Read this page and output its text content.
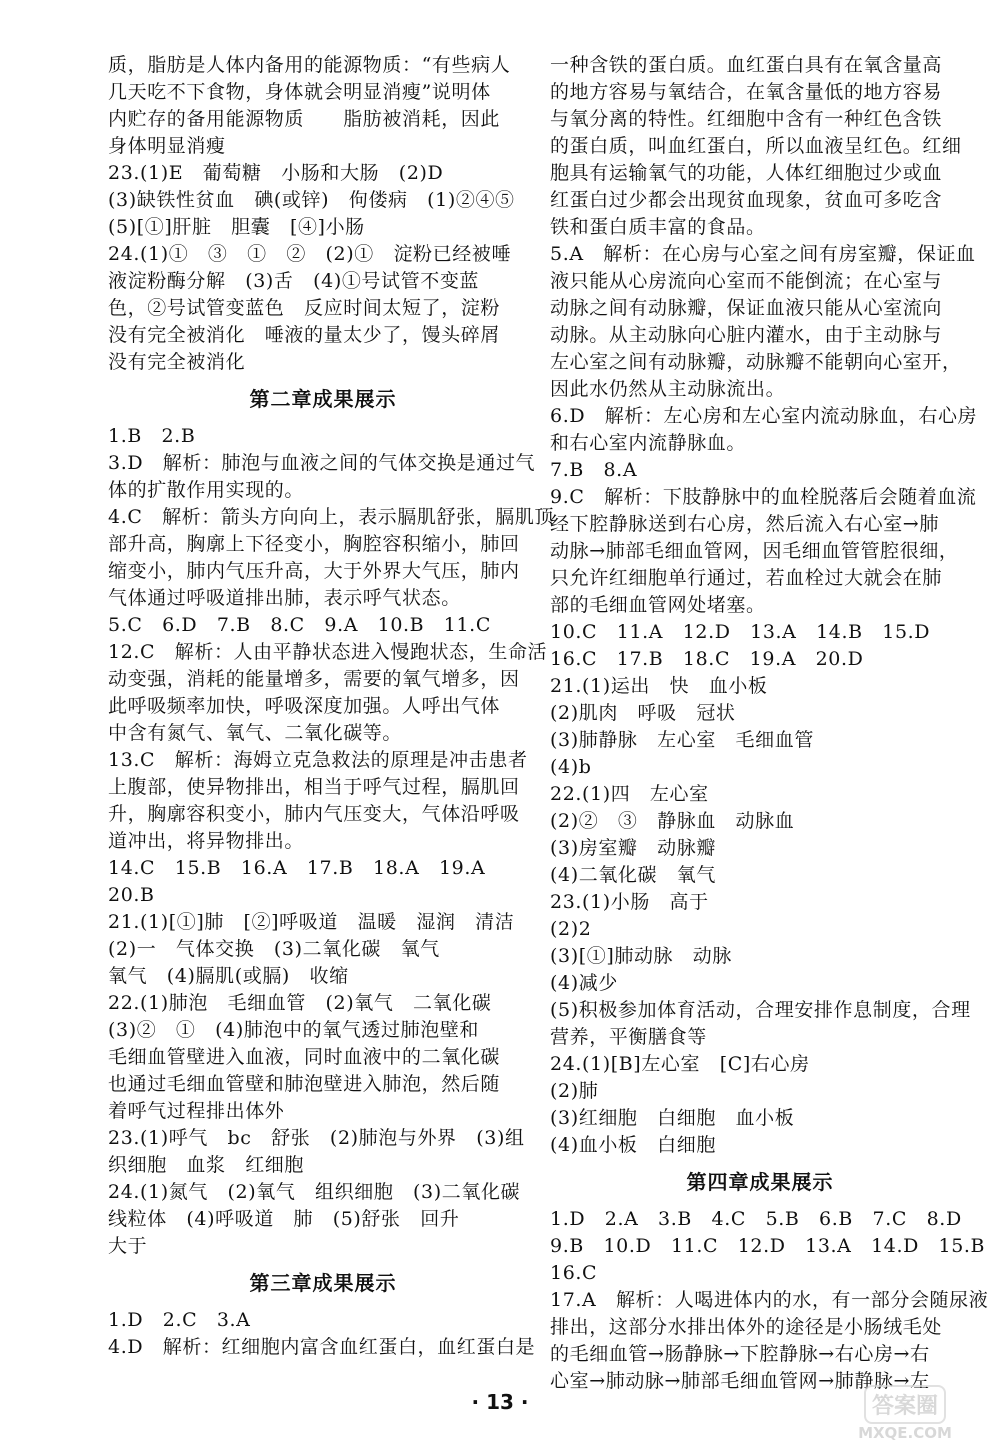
质，脂肪是人体内备用的能源物质：“有些病人
几天吃不下食物，身体就会明显消瘦”说明体
内贮存的备用能源物质　　脂肪被消耗，因此
身体明显消瘦
23.(1)E　葡萄糖　小肠和大肠　(2)D
(3)缺铁性贫血　碘(或锌)　佝偻病　(1)②④⑤
(5)[①]肝脏　胆囊　[④]小肠
24.(1)①　③　①　②　(2)①　淀粉已经被唾
液淀粉酶分解　(3)舌　(4)①号试管不变蓝
色，②号试管变蓝色　反应时间太短了，淀粉
没有完全被消化　唾液的量太少了，馒头碎屑
没有完全被消化
第二章成果展示
1.B　2.B
3.D　解析：肺泡与血液之间的气体交换是通过气
体的扩散作用实现的。
4.C　解析：箭头方向向上，表示膈肌舒张，膈肌顶
部升高，胸廓上下径变小，胸腔容积缩小，肺回
缩变小，肺内气压升高，大于外界大气压，肺内
气体通过呼吸道排出肺，表示呼气状态。
5.C　6.D　7.B　8.C　9.A　10.B　11.C
12.C　解析：人由平静状态进入慢跑状态，生命活
动变强，消耗的能量增多，需要的氧气增多，因
此呼吸频率加快，呼吸深度加强。人呼出气体
中含有氮气、氧气、二氧化碳等。
13.C　解析：海姆立克急救法的原理是冲击患者
上腹部，使异物排出，相当于呼气过程，膈肌回
升，胸廓容积变小，肺内气压变大，气体沿呼吸
道冲出，将异物排出。
14.C　15.B　16.A　17.B　18.A　19.A
20.B
21.(1)[①]肺　[②]呼吸道　温暖　湿润　清洁
(2)一　气体交换　(3)二氧化碳　氧气
氧气　(4)膈肌(或膈)　收缩
22.(1)肺泡　毛细血管　(2)氧气　二氧化碳
(3)②　①　(4)肺泡中的氧气透过肺泡壁和
毛细血管壁进入血液，同时血液中的二氧化碳
也通过毛细血管壁和肺泡壁进入肺泡，然后随
着呼气过程排出体外
23.(1)呼气　bc　舒张　(2)肺泡与外界　(3)组
织细胞　血浆　红细胞
24.(1)氮气　(2)氧气　组织细胞　(3)二氧化碳
线粒体　(4)呼吸道　肺　(5)舒张　回升
大于
第三章成果展示
1.D　2.C　3.A
4.D　解析：红细胞内富含血红蛋白，血红蛋白是
一种含铁的蛋白质。血红蛋白具有在氧含量高
的地方容易与氧结合，在氧含量低的地方容易
与氧分离的特性。红细胞中含有一种红色含铁
的蛋白质，叫血红蛋白，所以血液呈红色。红细
胞具有运输氧气的功能，人体红细胞过少或血
红蛋白过少都会出现贫血现象，贫血可多吃含
铁和蛋白质丰富的食品。
5.A　解析：在心房与心室之间有房室瓣，保证血
液只能从心房流向心室而不能倒流；在心室与
动脉之间有动脉瓣，保证血液只能从心室流向
动脉。从主动脉向心脏内灌水，由于主动脉与
左心室之间有动脉瓣，动脉瓣不能朝向心室开，
因此水仍然从主动脉流出。
6.D　解析：左心房和左心室内流动脉血，右心房
和右心室内流静脉血。
7.B　8.A
9.C　解析：下肢静脉中的血栓脱落后会随着血流
经下腔静脉送到右心房，然后流入右心室→肺
动脉→肺部毛细血管网，因毛细血管管腔很细，
只允许红细胞单行通过，若血栓过大就会在肺
部的毛细血管网处堵塞。
10.C　11.A　12.D　13.A　14.B　15.D
16.C　17.B　18.C　19.A　20.D
21.(1)运出　快　血小板
(2)肌肉　呼吸　冠状
(3)肺静脉　左心室　毛细血管
(4)b
22.(1)四　左心室
(2)②　③　静脉血　动脉血
(3)房室瓣　动脉瓣
(4)二氧化碳　氧气
23.(1)小肠　高于
(2)2
(3)[①]肺动脉　动脉
(4)减少
(5)积极参加体育活动，合理安排作息制度，合理
营养，平衡膳食等
24.(1)[B]左心室　[C]右心房
(2)肺
(3)红细胞　白细胞　血小板
(4)血小板　白细胞
第四章成果展示
1.D　2.A　3.B　4.C　5.B　6.B　7.C　8.D
9.B　10.D　11.C　12.D　13.A　14.D　15.B
16.C
17.A　解析：人喝进体内的水，有一部分会随尿液
排出，这部分水排出体外的途径是小肠绒毛处
的毛细血管→肠静脉→下腔静脉→右心房→右
心室→肺动脉→肺部毛细血管网→肺静脉→左
· 13 ·	答案圈
MXQE.COM
